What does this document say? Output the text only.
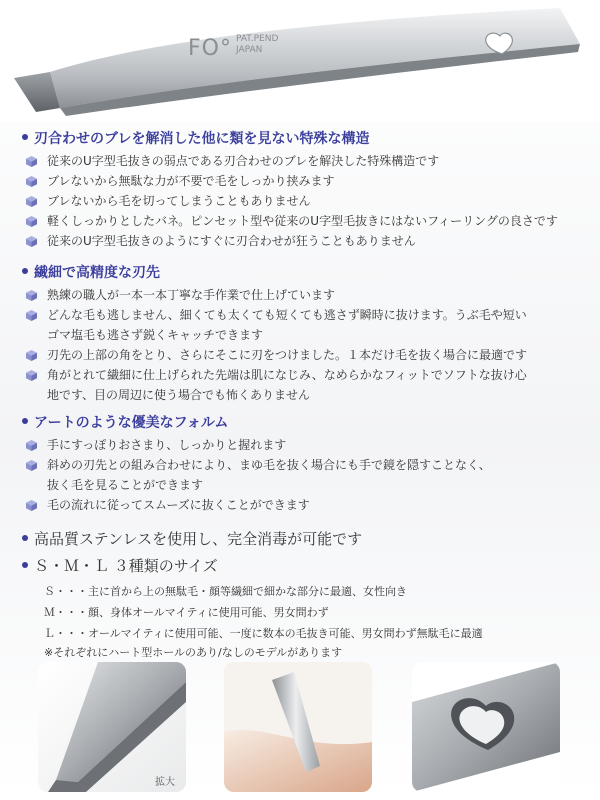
FO° PAT.PEND
JAPAN
刃合わせのブレを解消した他に類を見ない特殊な構造
従来のU字型毛抜きの弱点である刃合わせのブレを解決した特殊構造です
ブレないから無駄な力が不要で毛をしっかり挟みます
ブレないから毛を切ってしまうこともありません
軽くしっかりとしたバネ。ピンセット型や従来のU字型毛抜きにはないフィーリングの良さです
従来のU字型毛抜きのようにすぐに刃合わせが狂うこともありません
繊細で高精度な刃先
熟練の職人が一本一本丁寧な手作業で仕上げています
どんな毛も逃しません、細くても太くても短くても逃さず瞬時に抜けます。うぶ毛や短い
ゴマ塩毛も逃さず鋭くキャッチできます
刃先の上部の角をとり、さらにそこに刃をつけました。１本だけ毛を抜く場合に最適です
角がとれて繊細に仕上げられた先端は肌になじみ、なめらかなフィットでソフトな抜け心
地です、目の周辺に使う場合でも怖くありません
アートのような優美なフォルム
手にすっぽりおさまり、しっかりと握れます
斜めの刃先との組み合わせにより、まゆ毛を抜く場合にも手で鏡を隠すことなく、
抜く毛を見ることができます
毛の流れに従ってスムーズに抜くことができます
高品質ステンレスを使用し、完全消毒が可能です
Ｓ・Ｍ・Ｌ ３種類のサイズ
Ｓ・・・主に首から上の無駄毛・顔等繊細で細かな部分に最適、女性向き
Ｍ・・・顔、身体オールマイティに使用可能、男女問わず
Ｌ・・・オールマイティに使用可能、一度に数本の毛抜き可能、男女問わず無駄毛に最適
※それぞれにハート型ホールのあり/なしのモデルがあります
拡大
